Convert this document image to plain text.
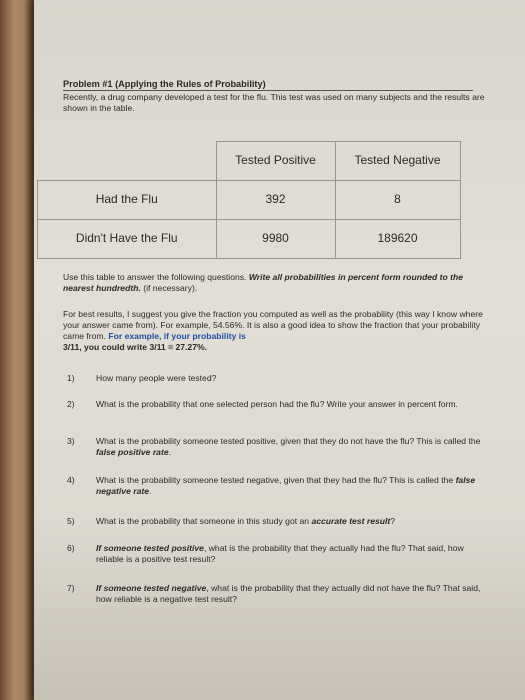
Problem #1 (Applying the Rules of Probability)
Recently, a drug company developed a test for the flu. This test was used on many subjects and the results are shown in the table.
	Tested Positive	Tested Negative
Had the Flu	392	8
Didn't Have the Flu	9980	189620
Use this table to answer the following questions. Write all probabilities in percent form rounded to the nearest hundredth. (if necessary).
For best results, I suggest you give the fraction you computed as well as the probability (this way I know where your answer came from). For example, 54.56%. It is also a good idea to show the fraction that your probability came from. For example, if your probability is
3/11, you could write 3/11 = 27.27%.
1) How many people were tested?
2) What is the probability that one selected person had the flu? Write your answer in percent form.
3) What is the probability someone tested positive, given that they do not have the flu? This is called the false positive rate.
4) What is the probability someone tested negative, given that they had the flu? This is called the false negative rate.
5) What is the probability that someone in this study got an accurate test result?
6) If someone tested positive, what is the probability that they actually had the flu? That said, how reliable is a positive test result?
7) If someone tested negative, what is the probability that they actually did not have the flu? That said, how reliable is a negative test result?
